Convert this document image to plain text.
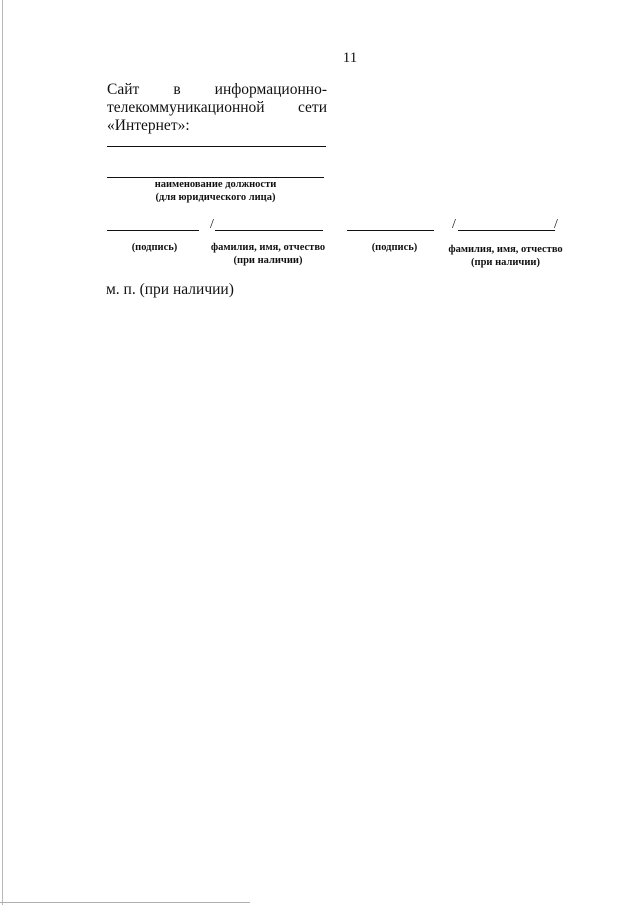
11
Сайт в информационно-
телекоммуникационной сети
«Интернет»:
наименование должности
(для юридического лица)
/
(подпись)	фамилия, имя, отчество
(при наличии)
/	/
(подпись)	фамилия, имя, отчество
(при наличии)
м. п. (при наличии)
